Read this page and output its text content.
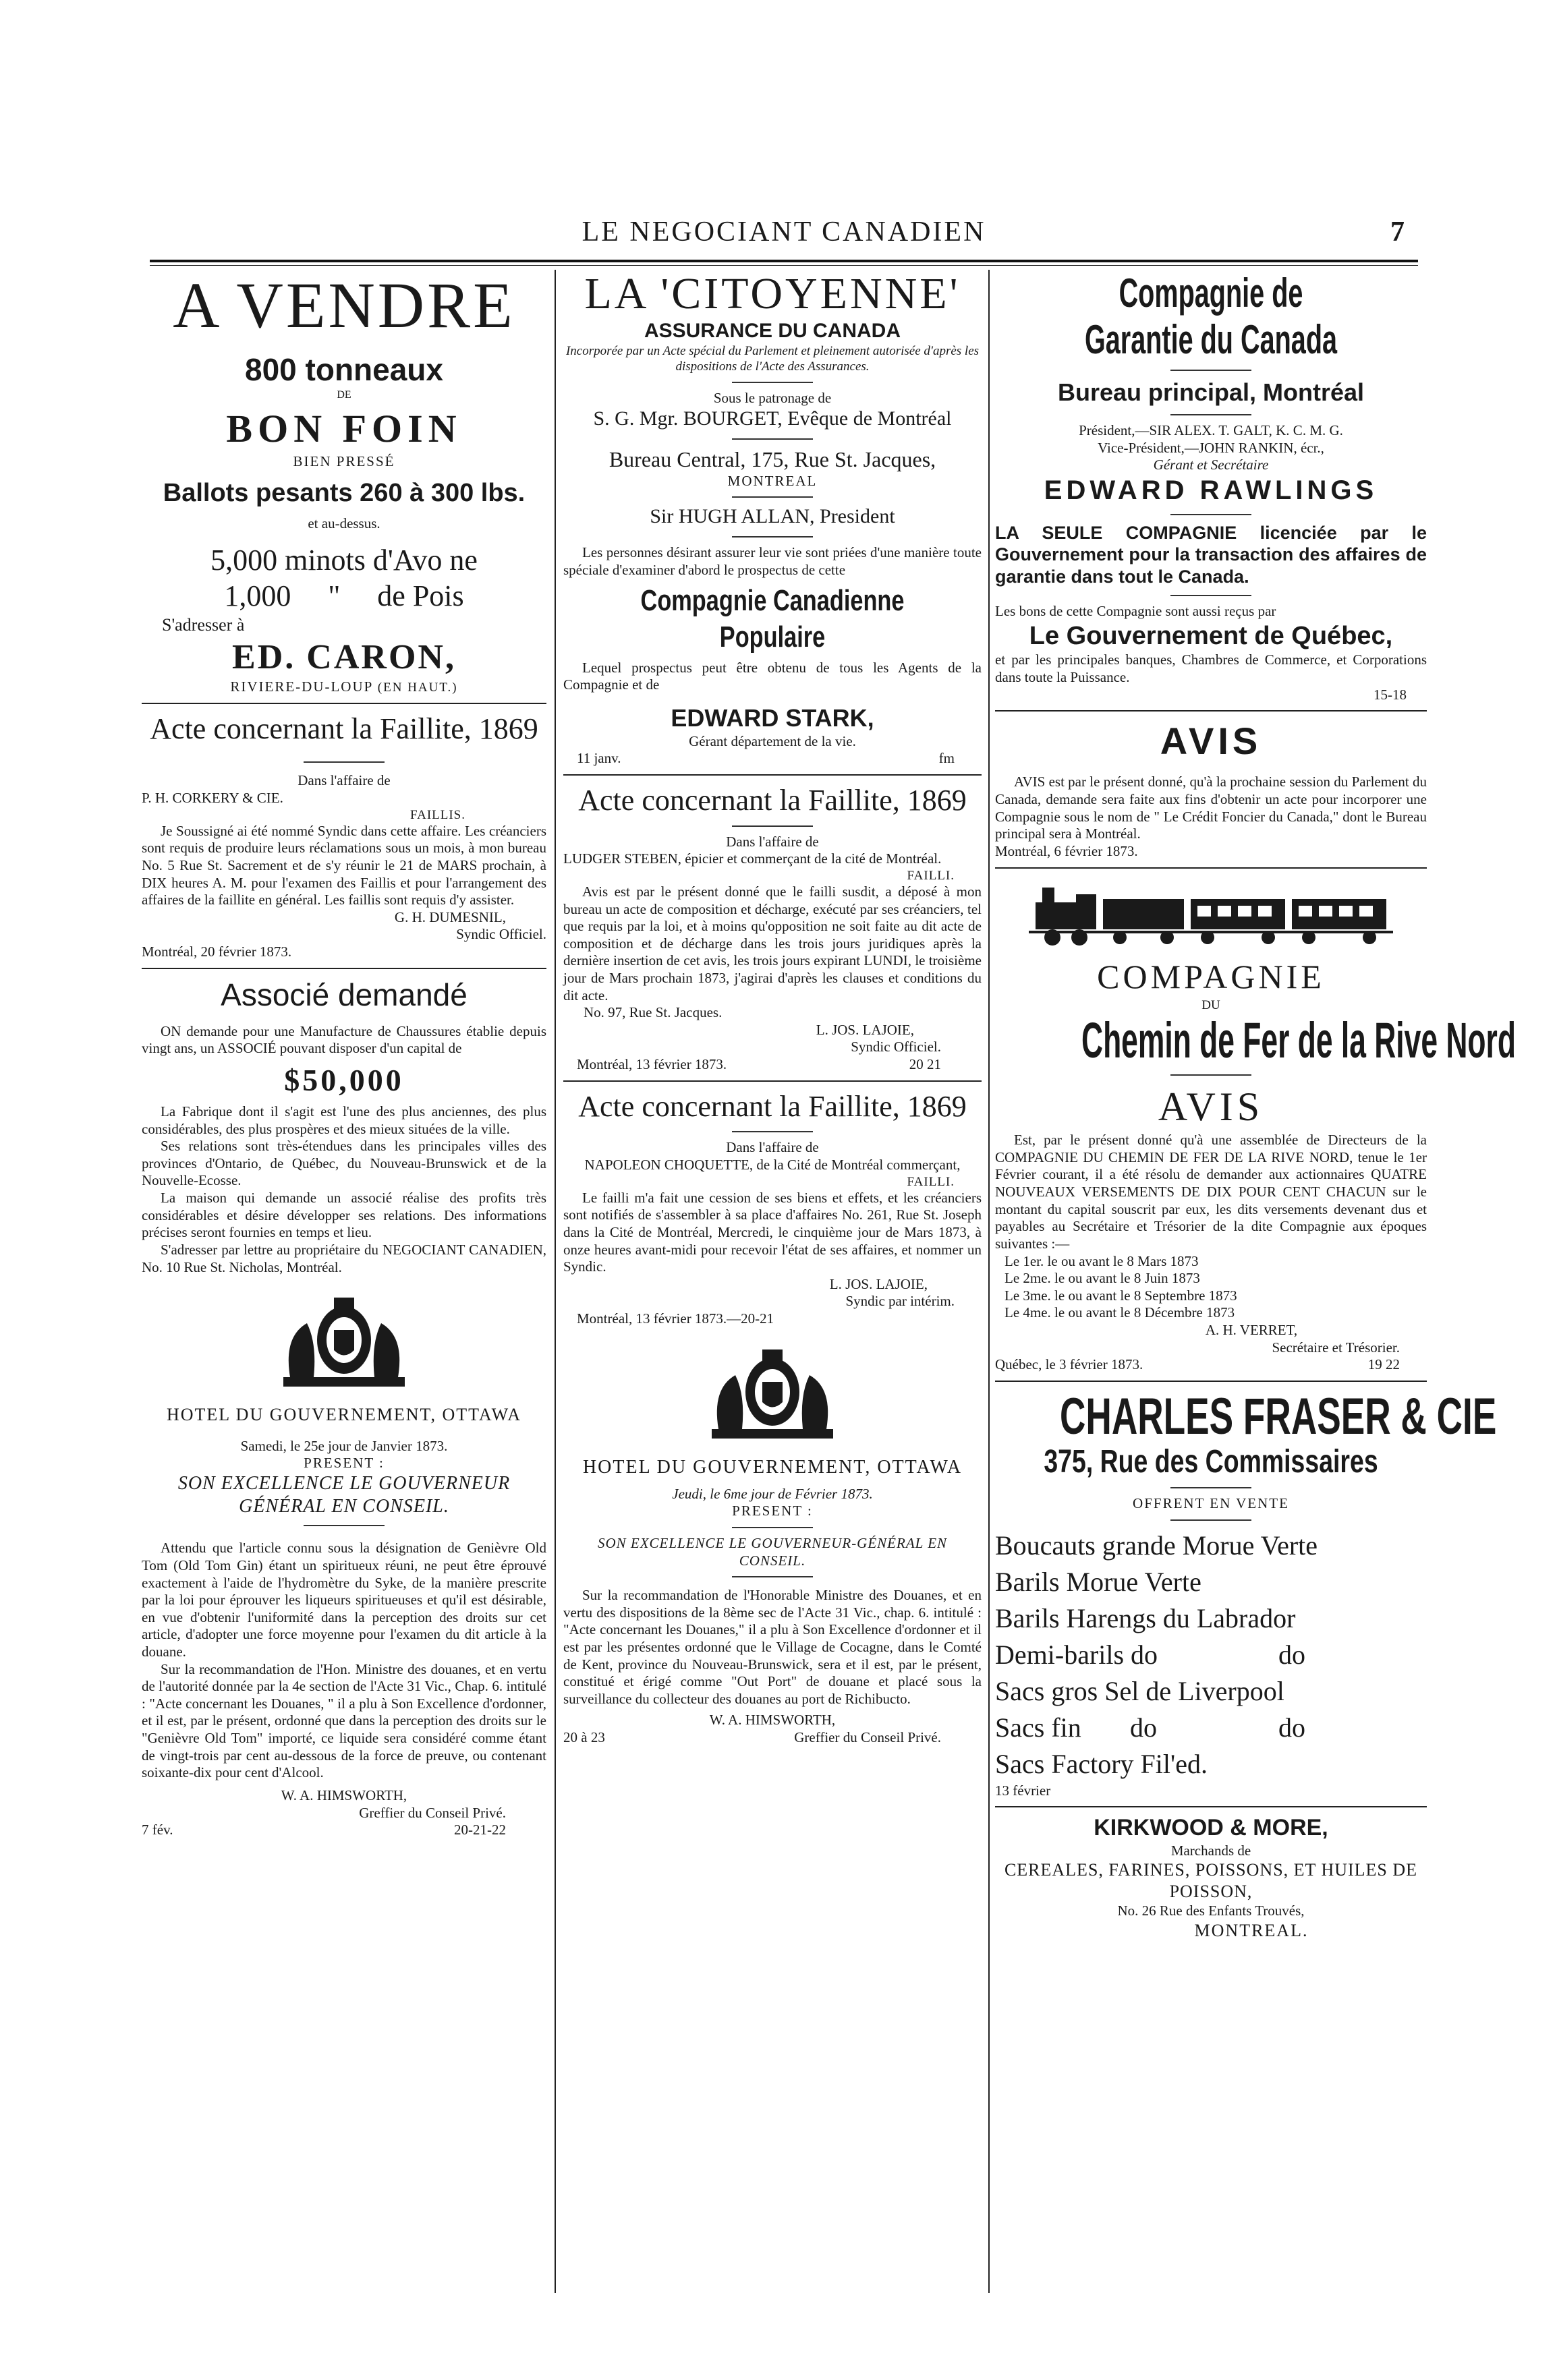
LE NEGOCIANT CANADIEN	7
A VENDRE
800 tonneaux
DE
BON FOIN
BIEN PRESSÉ
Ballots pesants 260 à 300 lbs.
et au-dessus.
5,000 minots d'Avo ne
1,000     "     de Pois
S'adresser à
ED. CARON,
RIVIERE-DU-LOUP (EN HAUT.)
Acte concernant la Faillite, 1869
Dans l'affaire de
P. H. CORKERY & CIE.
FAILLIS.
Je Soussigné ai été nommé Syndic dans cette affaire. Les créanciers sont requis de produire leurs réclamations sous un mois, à mon bureau No. 5 Rue St. Sacrement et de s'y réunir le 21 de MARS prochain, à DIX heures A. M. pour l'examen des Faillis et pour l'arrangement des affaires de la faillite en général. Les faillis sont requis d'y assister.
G. H. DUMESNIL,
Syndic Officiel.
Montréal, 20 février 1873.
Associé demandé
ON demande pour une Manufacture de Chaussures établie depuis vingt ans, un ASSOCIÉ pouvant disposer d'un capital de
$50,000
La Fabrique dont il s'agit est l'une des plus anciennes, des plus considérables, des plus prospères et des mieux situées de la ville.
Ses relations sont très-étendues dans les principales villes des provinces d'Ontario, de Québec, du Nouveau-Brunswick et de la Nouvelle-Ecosse.
La maison qui demande un associé réalise des profits très considérables et désire développer ses relations. Des informations précises seront fournies en temps et lieu.
S'adresser par lettre au propriétaire du NEGOCIANT CANADIEN, No. 10 Rue St. Nicholas, Montréal.
HOTEL DU GOUVERNEMENT, OTTAWA
Samedi, le 25e jour de Janvier 1873.
PRESENT :
SON EXCELLENCE LE GOUVERNEUR GÉNÉRAL EN CONSEIL.
Attendu que l'article connu sous la désignation de Genièvre Old Tom (Old Tom Gin) étant un spiritueux réuni, ne peut être éprouvé exactement à l'aide de l'hydromètre du Syke, de la manière prescrite par la loi pour éprouver les liqueurs spiritueuses et qu'il est désirable, en vue d'obtenir l'uniformité dans la perception des droits sur cet article, d'adopter une force moyenne pour l'examen du dit article à la douane.
Sur la recommandation de l'Hon. Ministre des douanes, et en vertu de l'autorité donnée par la 4e section de l'Acte 31 Vic., Chap. 6. intitulé : "Acte concernant les Douanes, " il a plu à Son Excellence d'ordonner, et il est, par le présent, ordonné que dans la perception des droits sur le "Genièvre Old Tom" importé, ce liquide sera considéré comme étant de vingt-trois par cent au-dessous de la force de preuve, ou contenant soixante-dix pour cent d'Alcool.
W. A. HIMSWORTH,
Greffier du Conseil Privé.
7 fév.	20-21-22
LA 'CITOYENNE'
ASSURANCE DU CANADA
Incorporée par un Acte spécial du Parlement et pleinement autorisée d'après les dispositions de l'Acte des Assurances.
Sous le patronage de
S. G. Mgr. BOURGET, Evêque de Montréal
Bureau Central, 175, Rue St. Jacques,
MONTREAL
Sir HUGH ALLAN, President
Les personnes désirant assurer leur vie sont priées d'une manière toute spéciale d'examiner d'abord le prospectus de cette
Compagnie Canadienne Populaire
Lequel prospectus peut être obtenu de tous les Agents de la Compagnie et de
EDWARD STARK,
Gérant département de la vie.
11 janv.	fm
Acte concernant la Faillite, 1869
Dans l'affaire de
LUDGER STEBEN, épicier et commerçant de la cité de Montréal.
FAILLI.
Avis est par le présent donné que le failli susdit, a déposé à mon bureau un acte de composition et décharge, exécuté par ses créanciers, tel que requis par la loi, et à moins qu'opposition ne soit faite au dit acte de composition et de décharge dans les trois jours juridiques après la dernière insertion de cet avis, les trois jours expirant LUNDI, le troisième jour de Mars prochain 1873, j'agirai d'après les clauses et conditions du dit acte.
No. 97, Rue St. Jacques.
L. JOS. LAJOIE,
Syndic Officiel.
Montréal, 13 février 1873.	20 21
Acte concernant la Faillite, 1869
Dans l'affaire de
NAPOLEON CHOQUETTE, de la Cité de Montréal commerçant,
FAILLI.
Le failli m'a fait une cession de ses biens et effets, et les créanciers sont notifiés de s'assembler à sa place d'affaires No. 261, Rue St. Joseph dans la Cité de Montréal, Mercredi, le cinquième jour de Mars 1873, à onze heures avant-midi pour recevoir l'état de ses affaires, et nommer un Syndic.
L. JOS. LAJOIE,
Syndic par intérim.
Montréal, 13 février 1873.—20-21
HOTEL DU GOUVERNEMENT, OTTAWA
Jeudi, le 6me jour de Février 1873.
PRESENT :
SON EXCELLENCE LE GOUVERNEUR-GÉNÉRAL EN CONSEIL.
Sur la recommandation de l'Honorable Ministre des Douanes, et en vertu des dispositions de la 8ème sec de l'Acte 31 Vic., chap. 6. intitulé : "Acte concernant les Douanes," il a plu à Son Excellence d'ordonner et il est par les présentes ordonné que le Village de Cocagne, dans le Comté de Kent, province du Nouveau-Brunswick, sera et il est, par le présent, constitué et érigé comme "Out Port" de douane et placé sous la surveillance du collecteur des douanes au port de Richibucto.
W. A. HIMSWORTH,
20 à 23	Greffier du Conseil Privé.
Compagnie de Garantie du Canada
Bureau principal, Montréal
Président,—SIR ALEX. T. GALT, K. C. M. G.
Vice-Président,—JOHN RANKIN, écr.,
Gérant et Secrétaire
EDWARD RAWLINGS
LA SEULE COMPAGNIE licenciée par le Gouvernement pour la transaction des affaires de garantie dans tout le Canada.
Les bons de cette Compagnie sont aussi reçus par
Le Gouvernement de Québec,
et par les principales banques, Chambres de Commerce, et Corporations dans toute la Puissance.
15-18
AVIS
AVIS est par le présent donné, qu'à la prochaine session du Parlement du Canada, demande sera faite aux fins d'obtenir un acte pour incorporer une Compagnie sous le nom de " Le Crédit Foncier du Canada," dont le Bureau principal sera à Montréal.
Montréal, 6 février 1873.
COMPAGNIE
DU
Chemin de Fer de la Rive Nord
AVIS
Est, par le présent donné qu'à une assemblée de Directeurs de la COMPAGNIE DU CHEMIN DE FER DE LA RIVE NORD, tenue le 1er Février courant, il a été résolu de demander aux actionnaires QUATRE NOUVEAUX VERSEMENTS DE DIX POUR CENT CHACUN sur le montant du capital souscrit par eux, les dits versements devenant dus et payables au Secrétaire et Trésorier de la dite Compagnie aux époques suivantes :—
Le 1er. le ou avant le 8 Mars 1873
Le 2me. le ou avant le 8 Juin 1873
Le 3me. le ou avant le 8 Septembre 1873
Le 4me. le ou avant le 8 Décembre 1873
A. H. VERRET,
Secrétaire et Trésorier.
Québec, le 3 février 1873.	19 22
CHARLES FRASER & CIE
375, Rue des Commissaires
OFFRENT EN VENTE
Boucauts grande Morue Verte
Barils Morue Verte
Barils Harengs du Labrador
Demi-barils do	do
Sacs gros Sel de Liverpool
Sacs fin	do	do
Sacs Factory Fil'ed.
13 février
KIRKWOOD & MORE,
Marchands de
CEREALES, FARINES, POISSONS, ET HUILES DE POISSON,
No. 26 Rue des Enfants Trouvés,
MONTREAL.
